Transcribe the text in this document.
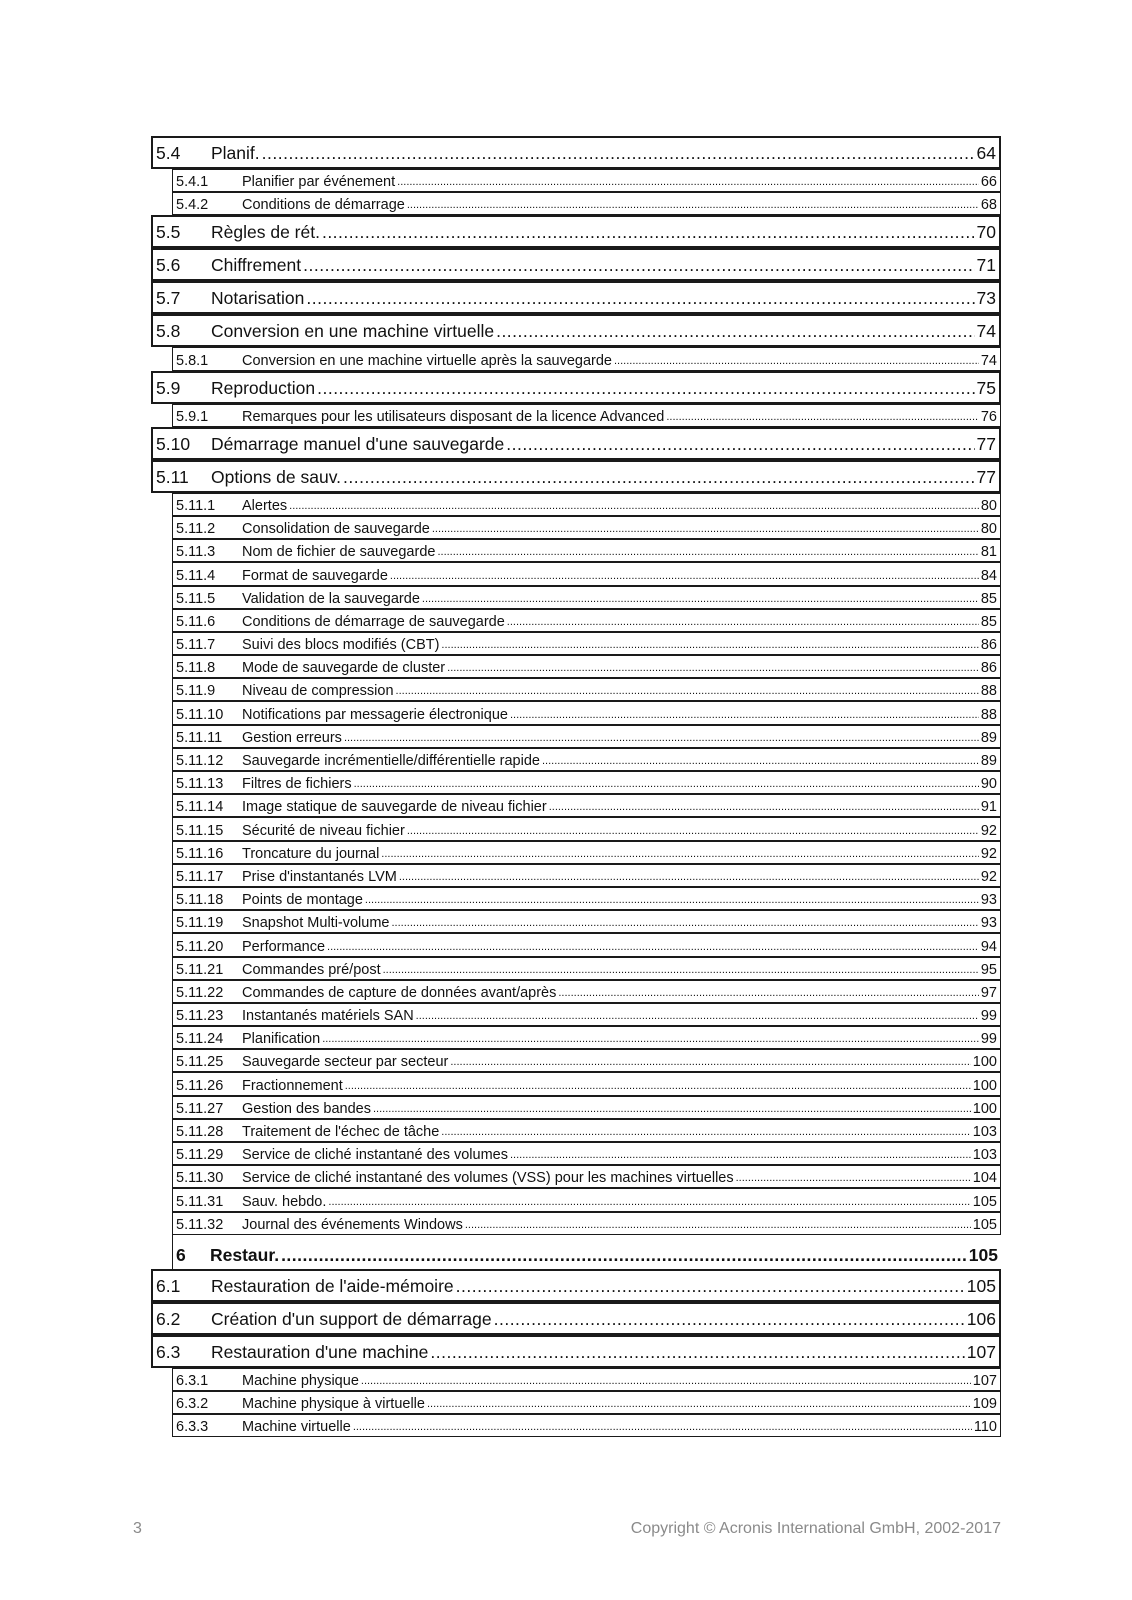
5.4	Planif. .....	64
5.4.1	Planifier par événement .....	66
5.4.2	Conditions de démarrage .....	68
5.5	Règles de rét. .....	70
5.6	Chiffrement .....	71
5.7	Notarisation .....	73
5.8	Conversion en une machine virtuelle .....	74
5.8.1	Conversion en une machine virtuelle après la sauvegarde .....	74
5.9	Reproduction .....	75
5.9.1	Remarques pour les utilisateurs disposant de la licence Advanced .....	76
5.10	Démarrage manuel d'une sauvegarde .....	77
5.11	Options de sauv. .....	77
5.11.1	Alertes .....	80
5.11.2	Consolidation de sauvegarde .....	80
5.11.3	Nom de fichier de sauvegarde .....	81
5.11.4	Format de sauvegarde .....	84
5.11.5	Validation de la sauvegarde .....	85
5.11.6	Conditions de démarrage de sauvegarde .....	85
5.11.7	Suivi des blocs modifiés (CBT) .....	86
5.11.8	Mode de sauvegarde de cluster .....	86
5.11.9	Niveau de compression .....	88
5.11.10	Notifications par messagerie électronique .....	88
5.11.11	Gestion erreurs .....	89
5.11.12	Sauvegarde incrémentielle/différentielle rapide .....	89
5.11.13	Filtres de fichiers .....	90
5.11.14	Image statique de sauvegarde de niveau fichier .....	91
5.11.15	Sécurité de niveau fichier .....	92
5.11.16	Troncature du journal .....	92
5.11.17	Prise d'instantanés LVM .....	92
5.11.18	Points de montage .....	93
5.11.19	Snapshot Multi-volume .....	93
5.11.20	Performance .....	94
5.11.21	Commandes pré/post .....	95
5.11.22	Commandes de capture de données avant/après .....	97
5.11.23	Instantanés matériels SAN .....	99
5.11.24	Planification .....	99
5.11.25	Sauvegarde secteur par secteur .....	100
5.11.26	Fractionnement .....	100
5.11.27	Gestion des bandes .....	100
5.11.28	Traitement de l'échec de tâche .....	103
5.11.29	Service de cliché instantané des volumes .....	103
5.11.30	Service de cliché instantané des volumes (VSS) pour les machines virtuelles .....	104
5.11.31	Sauv. hebdo. .....	105
5.11.32	Journal des événements Windows .....	105
6	Restaur. .....	105
6.1	Restauration de l'aide-mémoire .....	105
6.2	Création d'un support de démarrage .....	106
6.3	Restauration d'une machine .....	107
6.3.1	Machine physique .....	107
6.3.2	Machine physique à virtuelle .....	109
6.3.3	Machine virtuelle .....	110
3	Copyright © Acronis International GmbH, 2002-2017
